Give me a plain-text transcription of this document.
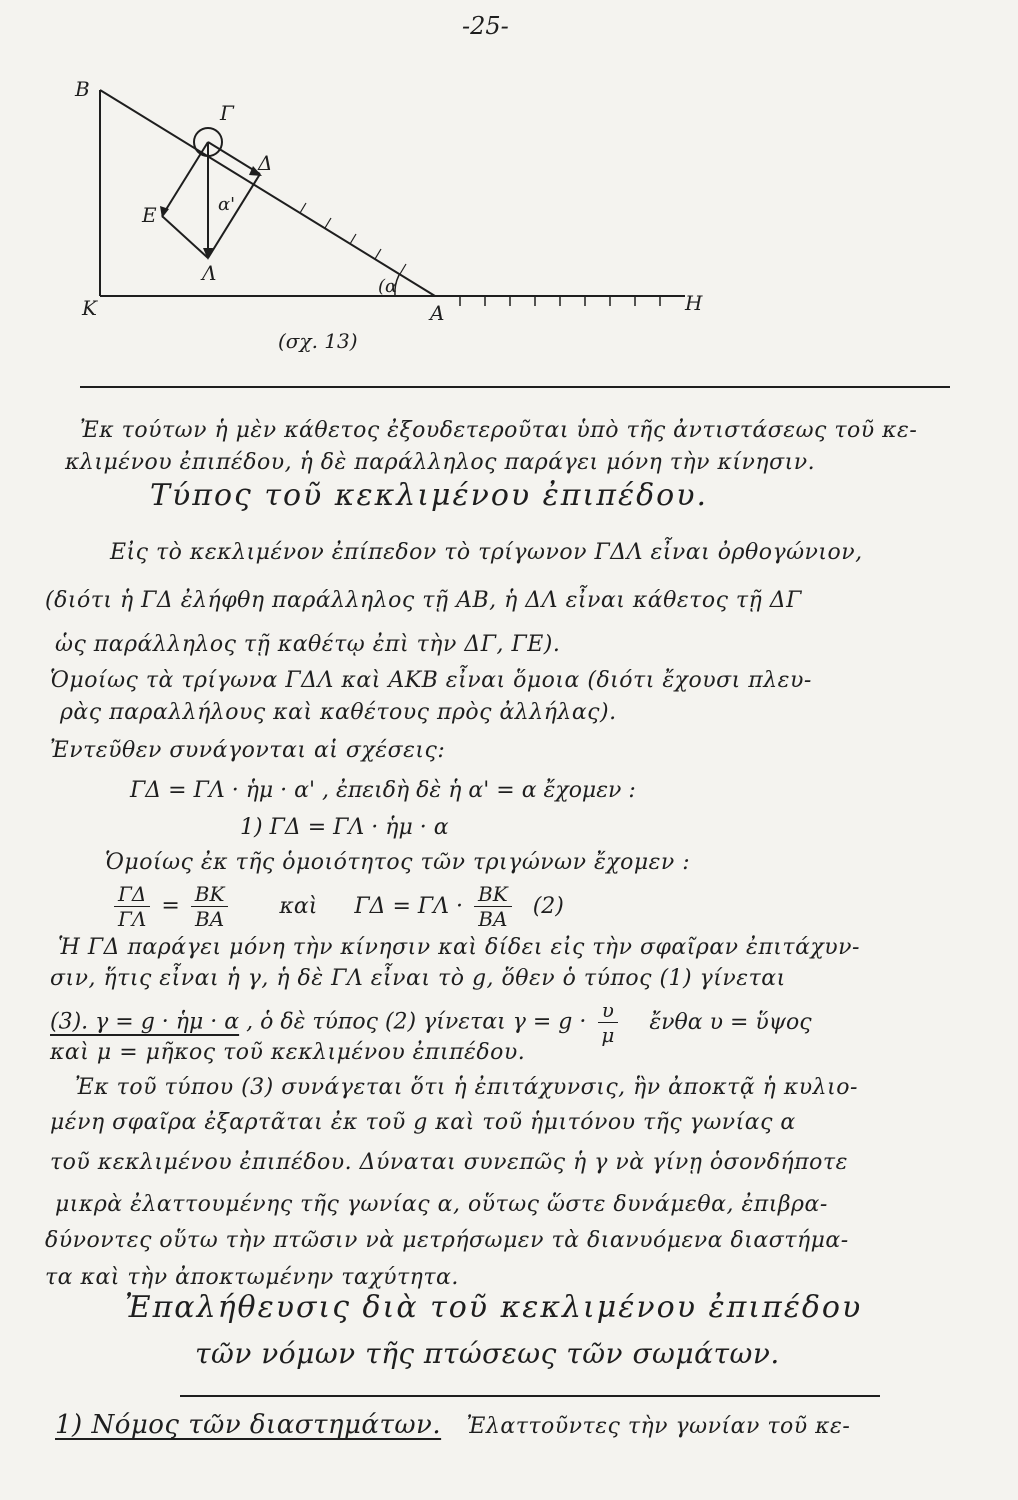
-25-
Β
Κ	Α	Η
Γ
Δ
Ε
Λ
α'
(α
(σχ. 13)
Ἐκ τούτων ἡ μὲν κάθετος ἐξουδετεροῦται ὑπὸ τῆς ἀντιστάσεως τοῦ κε-
κλιμένου ἐπιπέδου, ἡ δὲ παράλληλος παράγει μόνη τὴν κίνησιν.
Τύπος τοῦ κεκλιμένου ἐπιπέδου.
Εἰς τὸ κεκλιμένον ἐπίπεδον τὸ τρίγωνον ΓΔΛ εἶναι ὀρθογώνιον,
(διότι ἡ ΓΔ ἐλήφθη παράλληλος τῇ ΑΒ, ἡ ΔΛ εἶναι κάθετος τῇ ΔΓ
ὡς παράλληλος τῇ καθέτῳ ἐπὶ τὴν ΔΓ, ΓΕ).
Ὁμοίως τὰ τρίγωνα ΓΔΛ καὶ ΑΚΒ εἶναι ὅμοια (διότι ἔχουσι πλευ-
ρὰς παραλλήλους καὶ καθέτους πρὸς ἀλλήλας).
Ἐντεῦθεν συνάγονται αἱ σχέσεις:
ΓΔ = ΓΛ · ἡμ · α' , ἐπειδὴ δὲ ἡ α' = α ἔχομεν :
1) ΓΔ = ΓΛ · ἡμ · α
Ὁμοίως ἐκ τῆς ὁμοιότητος τῶν τριγώνων ἔχομεν :
$\frac{\Gamma\Delta}{\Gamma\Lambda} = \frac{BK}{BA}$ καὶ $\Gamma\Delta = \Gamma\Lambda \cdot \frac{BK}{BA} (2)$
Ἡ ΓΔ παράγει μόνη τὴν κίνησιν καὶ δίδει εἰς τὴν σφαῖραν ἐπιτάχυν-
σιν, ἥτις εἶναι ἡ γ, ἡ δὲ ΓΛ εἶναι τὸ g, ὅθεν ὁ τύπος (1) γίνεται
(3). γ = g · ἡμ · α , ὁ δὲ τύπος (2) γίνεται $\gamma = g \cdot \frac{\upsilon}{\mu}$ ἔνθα υ = ὕψος
καὶ μ = μῆκος τοῦ κεκλιμένου ἐπιπέδου.
Ἐκ τοῦ τύπου (3) συνάγεται ὅτι ἡ ἐπιτάχυνσις, ἣν ἀποκτᾷ ἡ κυλιο-
μένη σφαῖρα ἐξαρτᾶται ἐκ τοῦ g καὶ τοῦ ἡμιτόνου τῆς γωνίας α
τοῦ κεκλιμένου ἐπιπέδου. Δύναται συνεπῶς ἡ γ νὰ γίνῃ ὁσονδήποτε
μικρὰ ἐλαττουμένης τῆς γωνίας α, οὕτως ὥστε δυνάμεθα, ἐπιβρα-
δύνοντες οὕτω τὴν πτῶσιν νὰ μετρήσωμεν τὰ διανυόμενα διαστήμα-
τα καὶ τὴν ἀποκτωμένην ταχύτητα.
Ἐπαλήθευσις διὰ τοῦ κεκλιμένου ἐπιπέδου
τῶν νόμων τῆς πτώσεως τῶν σωμάτων.
1) Νόμος τῶν διαστημάτων. Ἐλαττοῦντες τὴν γωνίαν τοῦ κε-
